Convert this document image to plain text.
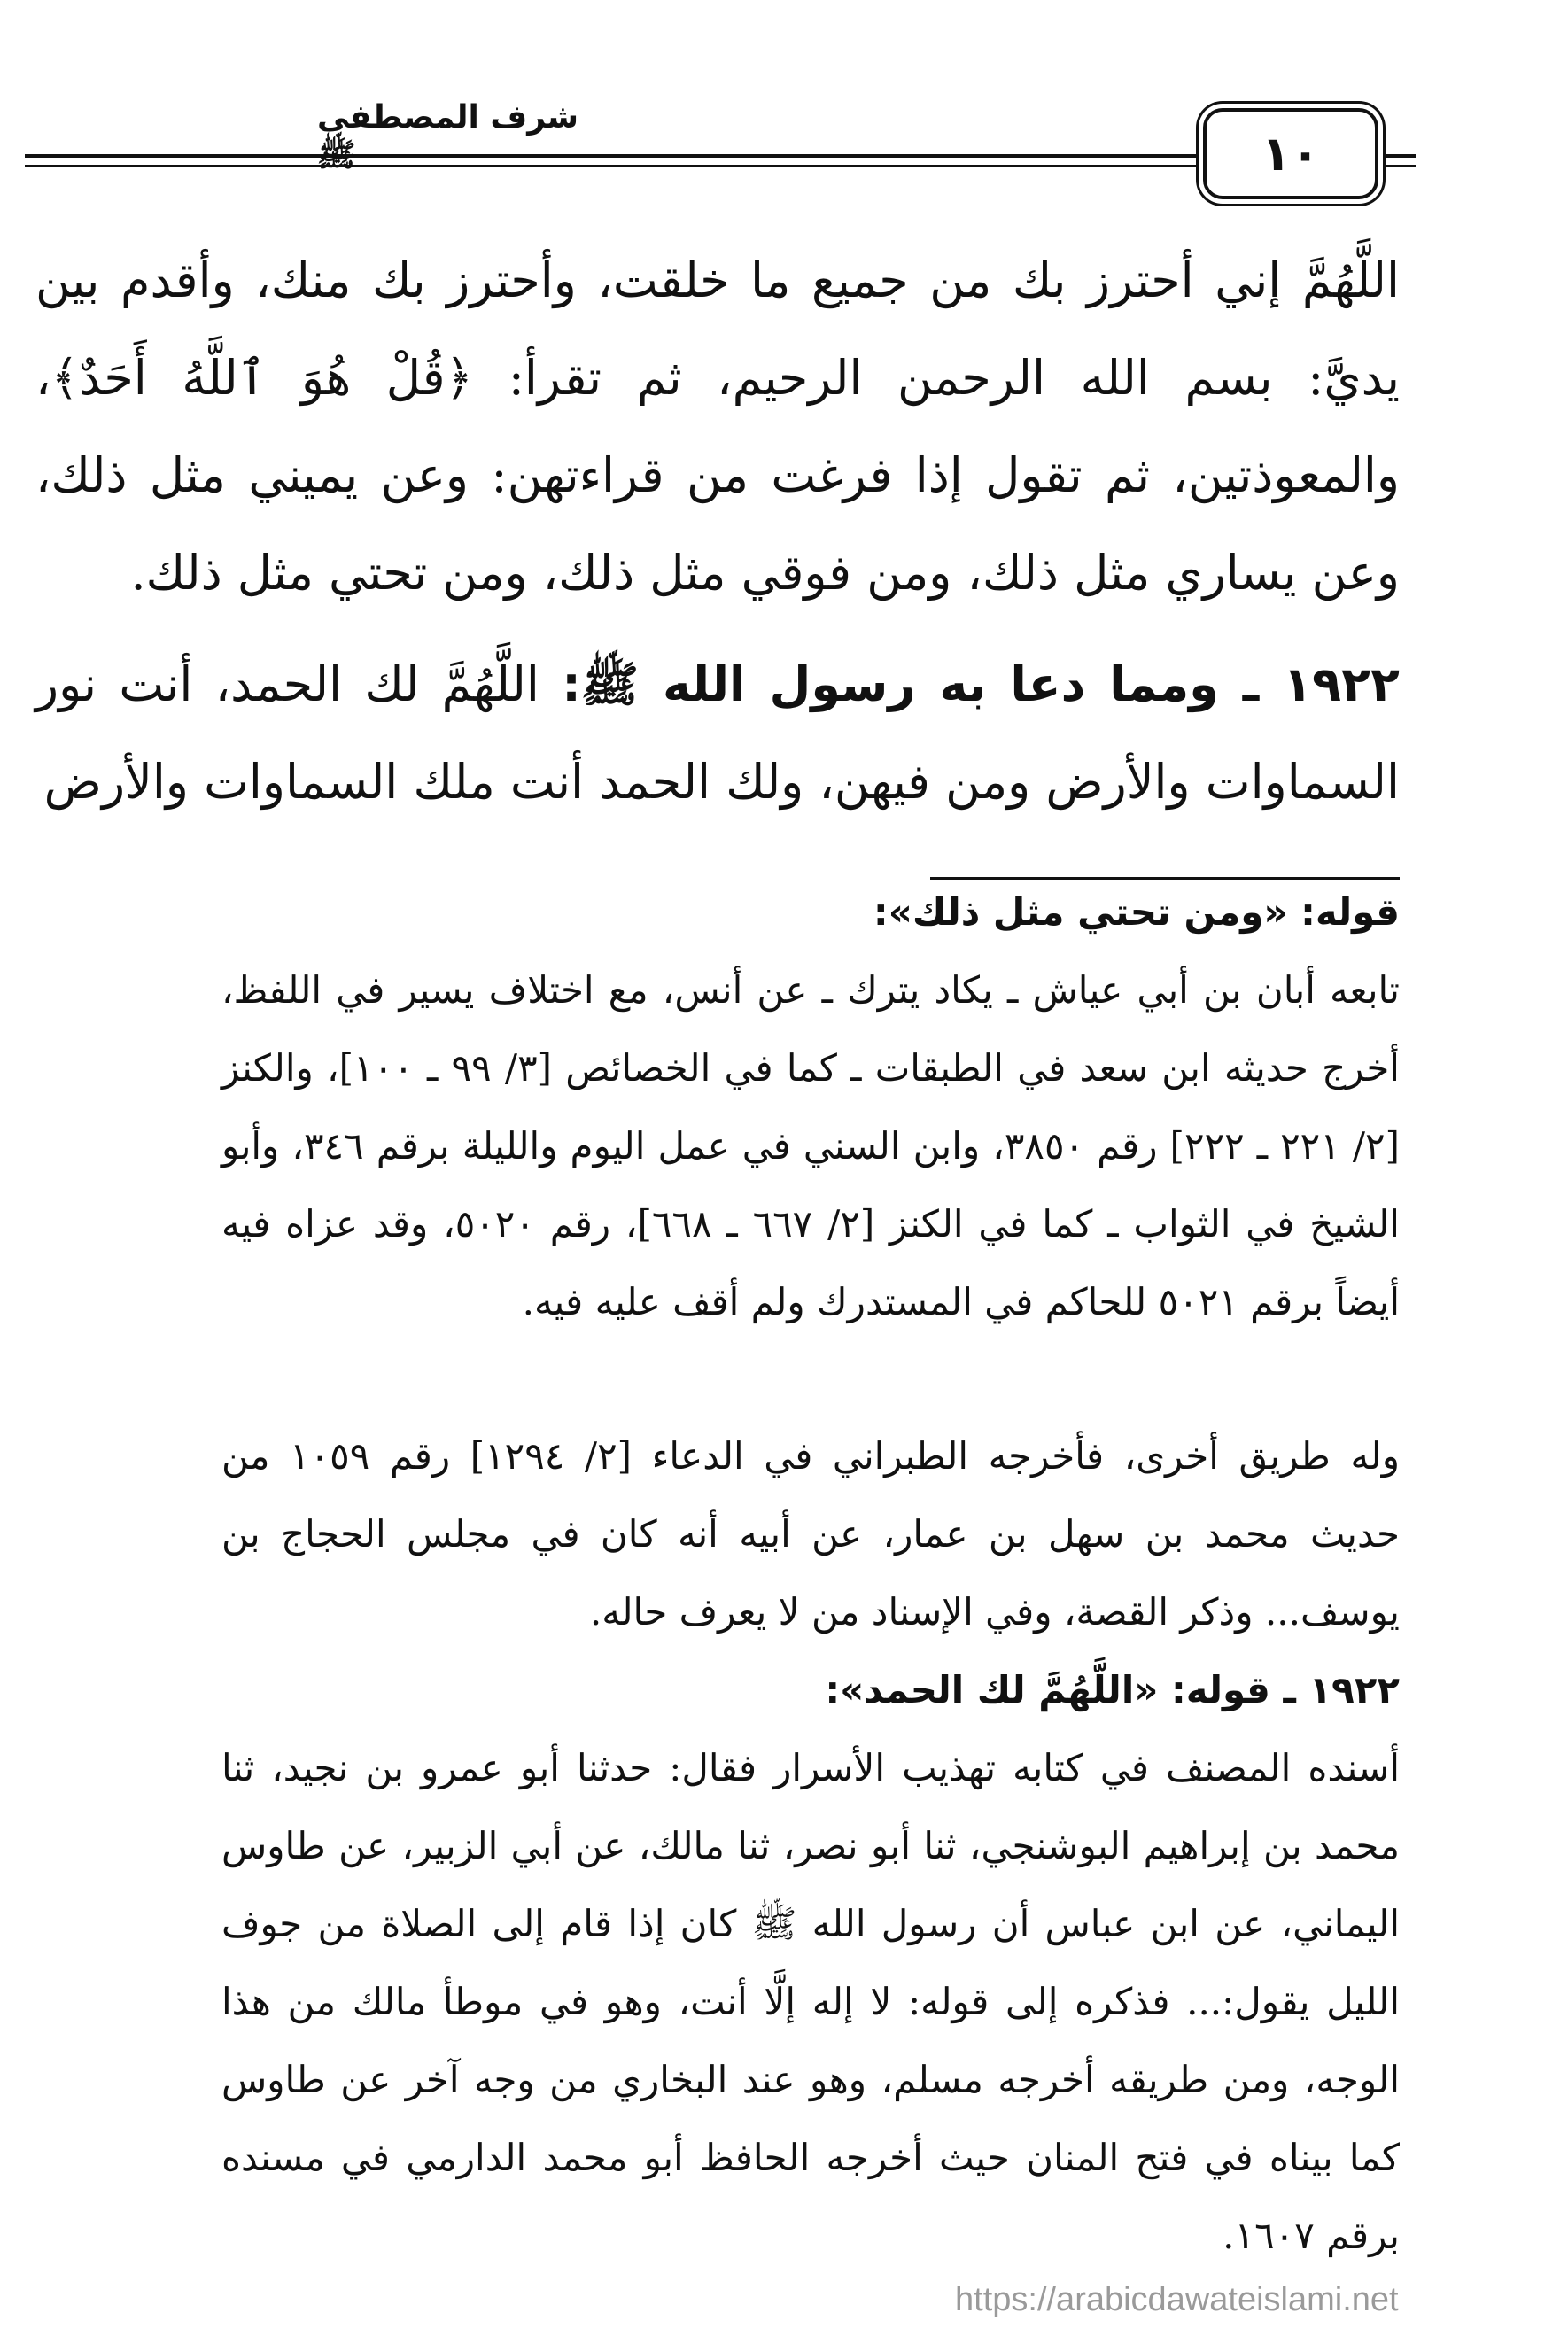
شرف المصطفى ﷺ	١٠

اللَّهُمَّ إني أحترز بك من جميع ما خلقت، وأحترز بك منك، وأقدم بين يديَّ: بسم الله الرحمن الرحيم، ثم تقرأ: ﴿قُلْ هُوَ ٱللَّهُ أَحَدٌ﴾، والمعوذتين، ثم تقول إذا فرغت من قراءتهن: وعن يميني مثل ذلك، وعن يساري مثل ذلك، ومن فوقي مثل ذلك، ومن تحتي مثل ذلك.

١٩٢٢ ـ ومما دعا به رسول الله ﷺ: اللَّهُمَّ لك الحمد، أنت نور السماوات والأرض ومن فيهن، ولك الحمد أنت ملك السماوات والأرض

قوله: «ومن تحتي مثل ذلك»:

تابعه أبان بن أبي عياش ـ يكاد يترك ـ عن أنس، مع اختلاف يسير في اللفظ، أخرج حديثه ابن سعد في الطبقات ـ كما في الخصائص [٣/ ٩٩ ـ ١٠٠]، والكنز [٢/ ٢٢١ ـ ٢٢٢] رقم ٣٨٥٠، وابن السني في عمل اليوم والليلة برقم ٣٤٦، وأبو الشيخ في الثواب ـ كما في الكنز [٢/ ٦٦٧ ـ ٦٦٨]، رقم ٥٠٢٠، وقد عزاه فيه أيضاً برقم ٥٠٢١ للحاكم في المستدرك ولم أقف عليه فيه.

وله طريق أخرى، فأخرجه الطبراني في الدعاء [٢/ ١٢٩٤] رقم ١٠٥٩ من حديث محمد بن سهل بن عمار، عن أبيه أنه كان في مجلس الحجاج بن يوسف... وذكر القصة، وفي الإسناد من لا يعرف حاله.

١٩٢٢ ـ قوله: «اللَّهُمَّ لك الحمد»:

أسنده المصنف في كتابه تهذيب الأسرار فقال: حدثنا أبو عمرو بن نجيد، ثنا محمد بن إبراهيم البوشنجي، ثنا أبو نصر، ثنا مالك، عن أبي الزبير، عن طاوس اليماني، عن ابن عباس أن رسول الله ﷺ كان إذا قام إلى الصلاة من جوف الليل يقول:... فذكره إلى قوله: لا إله إلَّا أنت، وهو في موطأ مالك من هذا الوجه، ومن طريقه أخرجه مسلم، وهو عند البخاري من وجه آخر عن طاوس كما بيناه في فتح المنان حيث أخرجه الحافظ أبو محمد الدارمي في مسنده برقم ١٦٠٧.

https://arabicdawateislami.net
